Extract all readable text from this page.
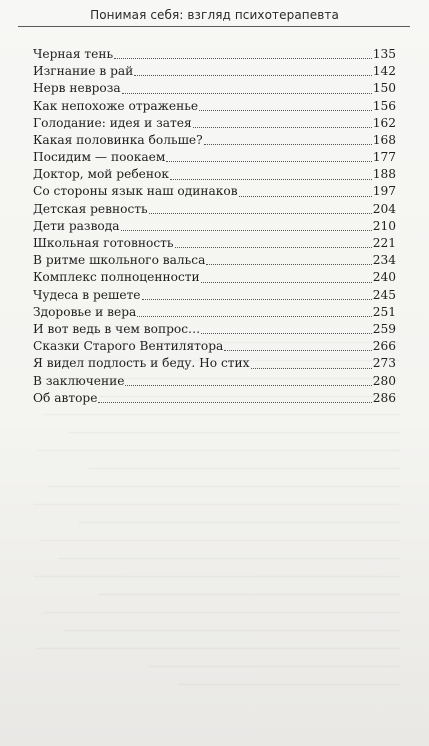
Понимая себя: взгляд психотерапевта
Черная тень	135
Изгнание в рай	142
Нерв невроза	150
Как непохоже отраженье	156
Голодание: идея и затея	162
Какая половинка больше?	168
Посидим — поокаем	177
Доктор, мой ребенок	188
Со стороны язык наш одинаков	197
Детская ревность	204
Дети развода	210
Школьная готовность	221
В ритме школьного вальса	234
Комплекс полноценности	240
Чудеса в решете	245
Здоровье и вера	251
И вот ведь в чем вопрос…	259
Сказки Старого Вентилятора	266
Я видел подлость и беду. Но стих	273
В заключение	280
Об авторе	286
